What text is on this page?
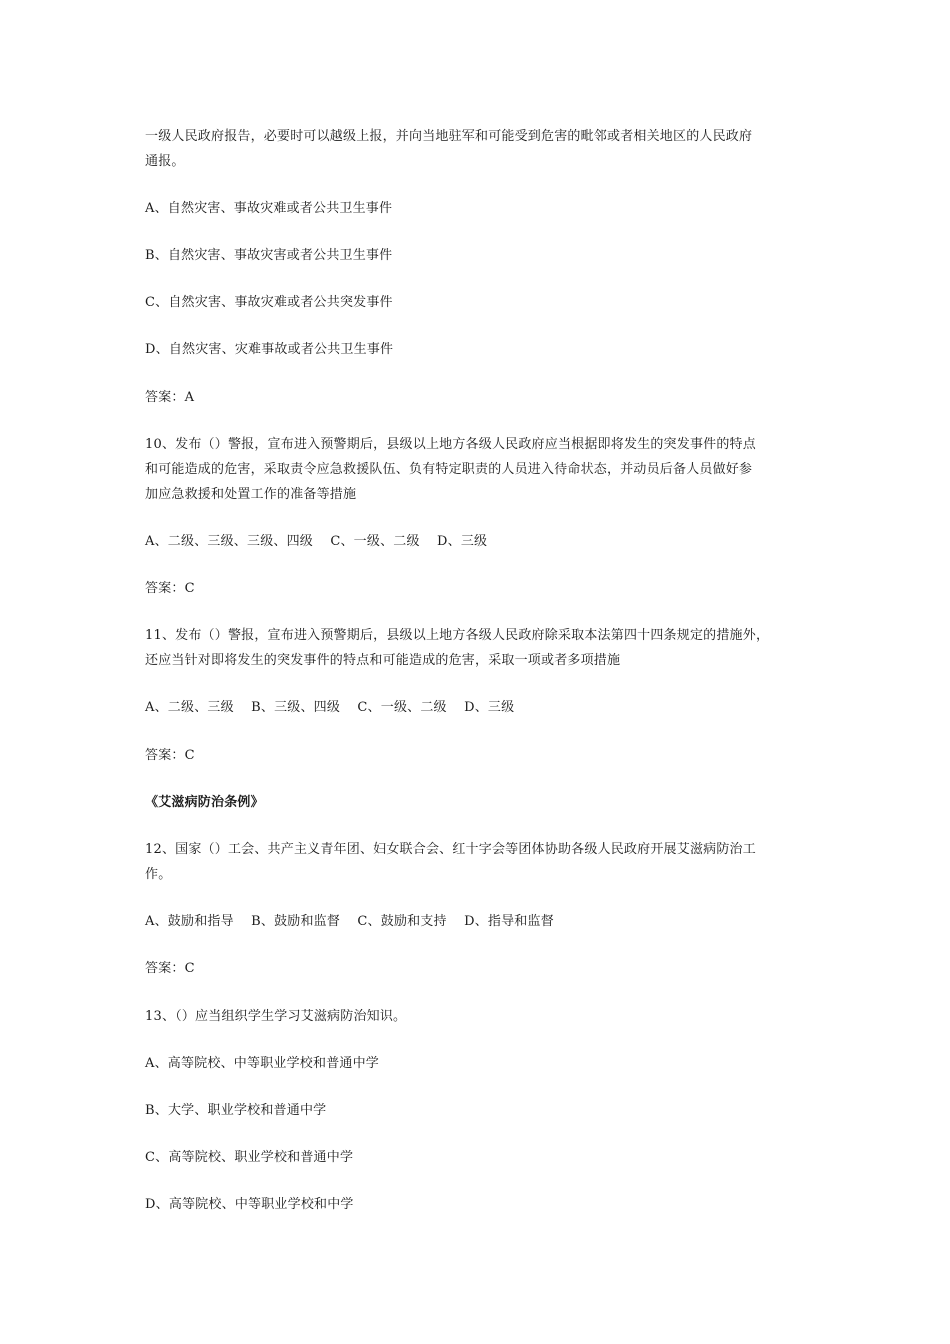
一级人民政府报告，必要时可以越级上报，并向当地驻军和可能受到危害的毗邻或者相关地区的人民政府
通报。
A、自然灾害、事故灾难或者公共卫生事件
B、自然灾害、事故灾害或者公共卫生事件
C、自然灾害、事故灾难或者公共突发事件
D、自然灾害、灾难事故或者公共卫生事件
答案：A
10、发布（）警报，宣布进入预警期后，县级以上地方各级人民政府应当根据即将发生的突发事件的特点
和可能造成的危害，采取责令应急救援队伍、负有特定职责的人员进入待命状态，并动员后备人员做好参
加应急救援和处置工作的准备等措施
A、二级、三级、三级、四级    C、一级、二级    D、三级
答案：C
11、发布（）警报，宣布进入预警期后，县级以上地方各级人民政府除采取本法第四十四条规定的措施外，
还应当针对即将发生的突发事件的特点和可能造成的危害，采取一项或者多项措施
A、二级、三级    B、三级、四级    C、一级、二级    D、三级
答案：C
《艾滋病防治条例》
12、国家（）工会、共产主义青年团、妇女联合会、红十字会等团体协助各级人民政府开展艾滋病防治工
作。
A、鼓励和指导    B、鼓励和监督    C、鼓励和支持    D、指导和监督
答案：C
13、（）应当组织学生学习艾滋病防治知识。
A、高等院校、中等职业学校和普通中学
B、大学、职业学校和普通中学
C、高等院校、职业学校和普通中学
D、高等院校、中等职业学校和中学
